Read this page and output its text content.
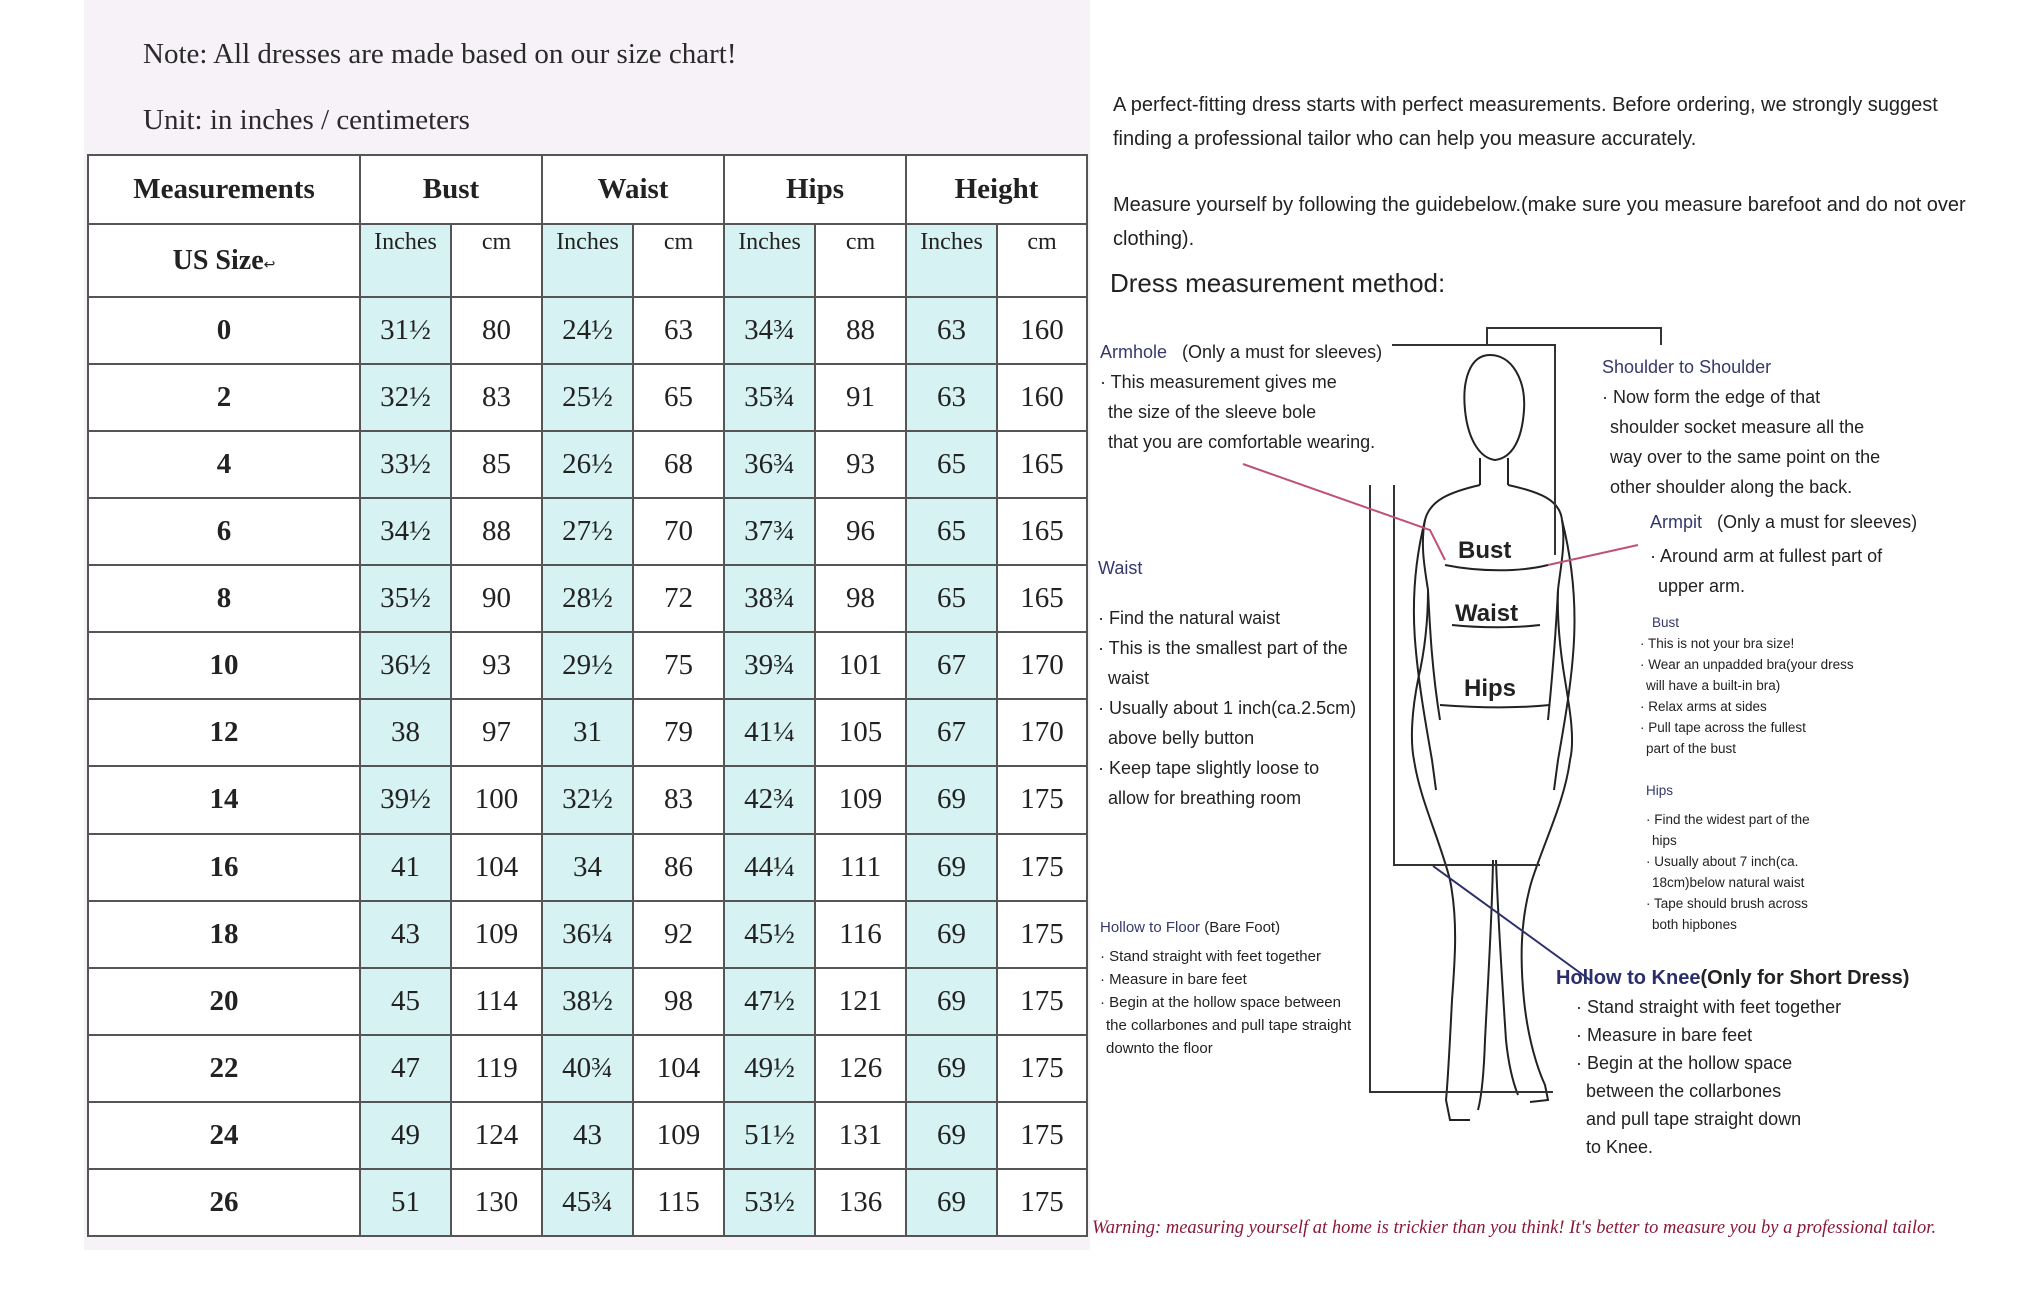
Note: All dresses are made based on our size chart!
Unit: in inches / centimeters
Measurements	Bust		Waist		Hips		Height	
US Size↩	Inches	cm	Inches	cm	Inches	cm	Inches	cm
0	31½	80	24½	63	34¾	88	63	160
2	32½	83	25½	65	35¾	91	63	160
4	33½	85	26½	68	36¾	93	65	165
6	34½	88	27½	70	37¾	96	65	165
8	35½	90	28½	72	38¾	98	65	165
10	36½	93	29½	75	39¾	101	67	170
12	38	97	31	79	41¼	105	67	170
14	39½	100	32½	83	42¾	109	69	175
16	41	104	34	86	44¼	111	69	175
18	43	109	36¼	92	45½	116	69	175
20	45	114	38½	98	47½	121	69	175
22	47	119	40¾	104	49½	126	69	175
24	49	124	43	109	51½	131	69	175
26	51	130	45¾	115	53½	136	69	175

A perfect-fitting dress starts with perfect measurements. Before ordering, we strongly suggest finding a professional tailor who can help you measure accurately.

Measure yourself by following the guidebelow.(make sure you measure barefoot and do not over clothing).

Dress measurement method:
Bust
Waist
Hips
Armhole (Only a must for sleeves)
· This measurement gives me
the size of the sleeve bole
that you are comfortable wearing.
Shoulder to Shoulder
· Now form the edge of that
shoulder socket measure all the
way over to the same point on the
other shoulder along the back.
Armpit (Only a must for sleeves)
· Around arm at fullest part of
upper arm.
Waist
· Find the natural waist
· This is the smallest part of the
waist
· Usually about 1 inch(ca.2.5cm)
above belly button
· Keep tape slightly loose to
allow for breathing room
Bust
· This is not your bra size!
· Wear an unpadded bra(your dress
will have a built-in bra)
· Relax arms at sides
· Pull tape across the fullest
part of the bust
Hips
· Find the widest part of the
hips
· Usually about 7 inch(ca.
18cm)below natural waist
· Tape should brush across
both hipbones
Hollow to Floor (Bare Foot)
· Stand straight with feet together
· Measure in bare feet
· Begin at the hollow space between
the collarbones and pull tape straight
downto the floor
Hollow to Knee(Only for Short Dress)
· Stand straight with feet together
· Measure in bare feet
· Begin at the hollow space
between the collarbones
and pull tape straight down
to Knee.
Warning: measuring yourself at home is trickier than you think! It's better to measure you by a professional tailor.
